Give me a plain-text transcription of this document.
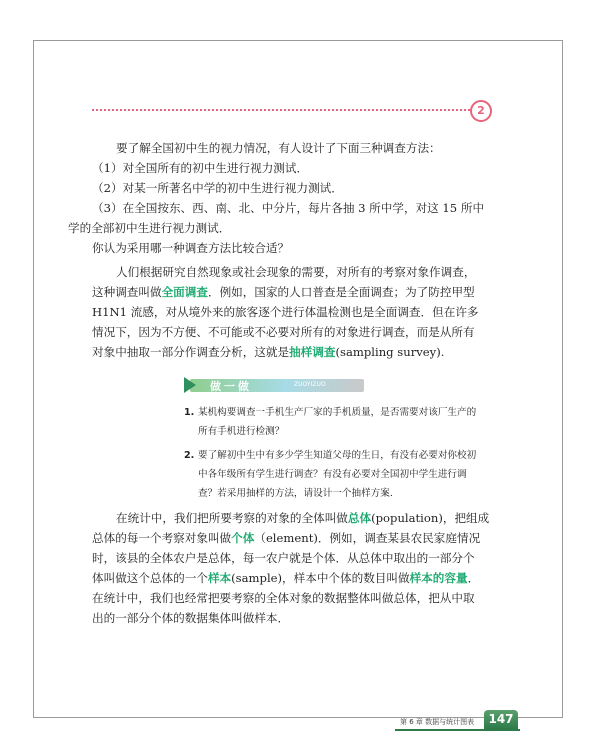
2
要了解全国初中生的视力情况，有人设计了下面三种调查方法：
（1）对全国所有的初中生进行视力测试．
（2）对某一所著名中学的初中生进行视力测试．
（3）在全国按东、西、南、北、中分片，每片各抽 3 所中学，对这 15 所中
学的全部初中生进行视力测试．
你认为采用哪一种调查方法比较合适？
人们根据研究自然现象或社会现象的需要，对所有的考察对象作调查，
这种调查叫做全面调查．例如，国家的人口普查是全面调查；为了防控甲型
H1N1 流感，对从境外来的旅客逐个进行体温检测也是全面调查．但在许多
情况下，因为不方便、不可能或不必要对所有的对象进行调查，而是从所有
对象中抽取一部分作调查分析，这就是抽样调查(sampling survey).
做一做	ZUOYIZUO
1. 某机构要调查一手机生产厂家的手机质量，是否需要对该厂生产的
所有手机进行检测？
2. 要了解初中生中有多少学生知道父母的生日，有没有必要对你校初
中各年级所有学生进行调查？有没有必要对全国初中学生进行调
查？若采用抽样的方法，请设计一个抽样方案.
在统计中，我们把所要考察的对象的全体叫做总体(population)，把组成
总体的每一个考察对象叫做个体（element)．例如，调查某县农民家庭情况
时，该县的全体农户是总体，每一农户就是个体．从总体中取出的一部分个
体叫做这个总体的一个样本(sample)，样本中个体的数目叫做样本的容量．
在统计中，我们也经常把要考察的全体对象的数据整体叫做总体，把从中取
出的一部分个体的数据集体叫做样本．
第 6 章 数据与统计图表	147
